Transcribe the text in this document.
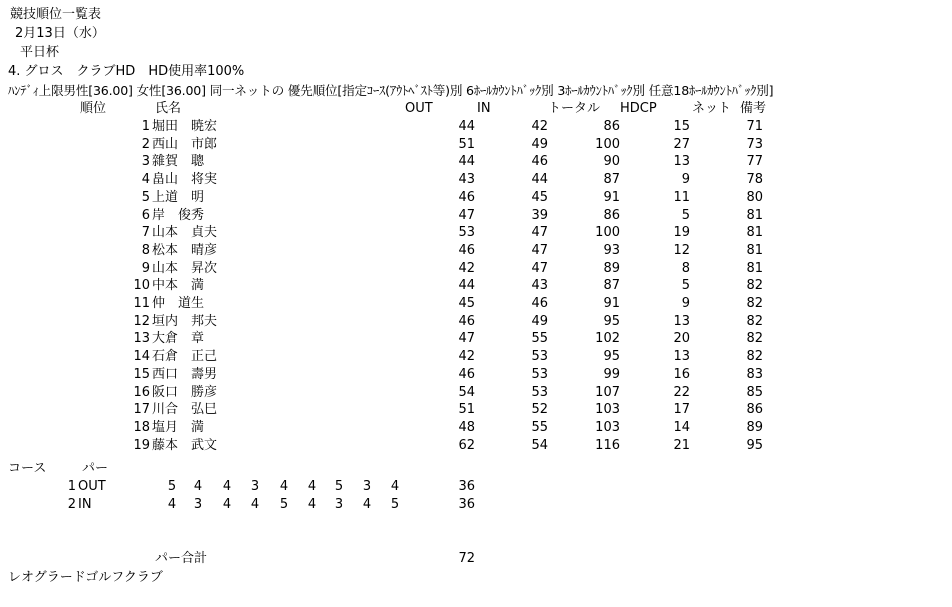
競技順位一覧表
2月13日（水）
平日杯
4. グロス　クラブHD　HD使用率100%
ﾊﾝﾃﾞｨ上限男性[36.00] 女性[36.00] 同一ネットの 優先順位[指定ｺｰｽ(ｱｳﾄﾍﾞｽﾄ等)別 6ﾎｰﾙｶｳﾝﾄﾊﾞｯｸ別 3ﾎｰﾙｶｳﾝﾄﾊﾞｯｸ別 任意18ﾎｰﾙｶｳﾝﾄﾊﾞｯｸ別]
順位	氏名	OUT	IN	トータル HDCP	ネット 備考
1 堀田　暁宏	44	42	86	15	71
2 西山　市郎	51	49	100	27	73
3 雜賀　聰	44	46	90	13	77
4 畠山　将実	43	44	87	9	78
5 上道　明	46	45	91	11	80
6 岸　俊秀	47	39	86	5	81
7 山本　貞夫	53	47	100	19	81
8 松本　晴彦	46	47	93	12	81
9 山本　昇次	42	47	89	8	81
10 中本　満	44	43	87	5	82
11 仲　道生	45	46	91	9	82
12 垣内　邦夫	46	49	95	13	82
13 大倉　章	47	55	102	20	82
14 石倉　正己	42	53	95	13	82
15 西口　壽男	46	53	99	16	83
16 阪口　勝彦	54	53	107	22	85
17 川合　弘巳	51	52	103	17	86
18 塩月　満	48	55	103	14	89
19 藤本　武文	62	54	116	21	95
コース	パー
1 OUT	5	4	4	3	4	4	5	3	4	36
2 IN	4	3	4	4	5	4	3	4	5	36
パー合計	72
レオグラードゴルフクラブ
